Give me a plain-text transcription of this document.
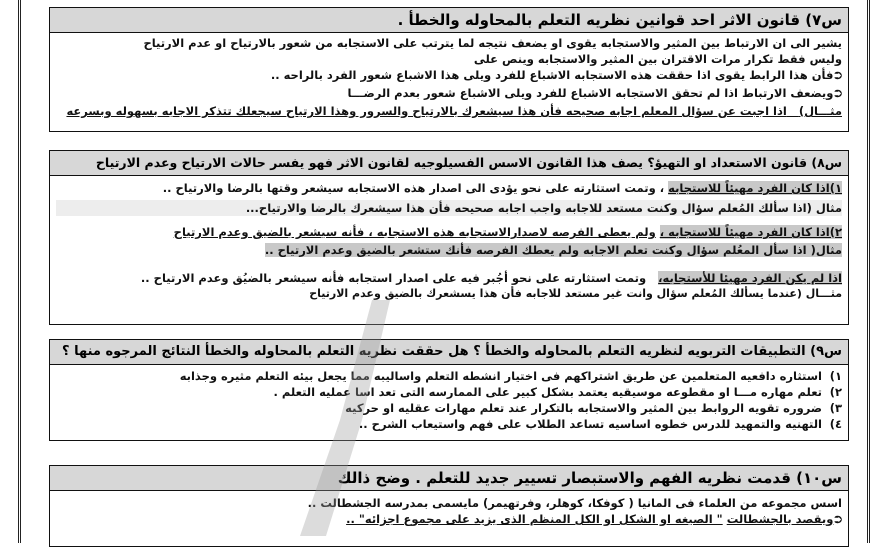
س٧) قانون الاثر احد قوانين نظريه التعلم بالمحاوله والخطأ .
يشير الى ان الارتباط بين المثير والاستجابه يقوى او يضعف نتيجه لما يترتب على الاستجابه من شعور بالارتياح او عدم الارتياح
وليس فقط تكرار مرات الاقتران بين المثير والاستجابه وينص على
⮊فأن هذا الرابط يقوى اذا حققت هذه الاستجابه الاشباع للفرد ويلى هذا الاشباع شعور الفرد بالراحه ..
⮊ويضعف الارتباط اذا لم تحقق الاستجابه الاشباع للفرد ويلى الاشباع شعور بعدم الرضـــا
مثـــال)   اذا اجبت عن سؤال المعلم اجابه صحيحه فأن هذا سيشعرك بالارتياح والسرور وهذا الارتياح سيجعلك تتذكر الاجابه بسهوله وبسرعه
س٨) قانون الاستعداد او التهيؤ؟ يصف هذا القانون الاسس الفسيلوجيه لقانون الاثر فهو يفسر حالات الارتياح وعدم الارتياح
١)اذا كان الفرد مهيئاً للاستجابه ، وتمت استثارته على نحو يؤدى الى اصدار هذه الاستجابه سيشعر وقتها بالرضا والارتياح ..
مثال (اذا سألك المُعلم سؤال وكنت مستعد للاجابه واجب اجابه صحيحه فأن هذا سيشعرك بالرضا والارتياح...
٢)اذا كان الفرد مهيئاً للاستجابه ، ولم يعطى الفرصه لاصدارالاستجابه هذه الاستجابه ، فأنه سيشعر بالضيق وعدم الارتياح
مثال( اذا سأل المعُلم سؤال وكنت تعلم الاجابه ولم يعطك الفرصه فأنك ستشعر بالضيق وعدم الارتياح ..
اذا لم يكن الفرد مهيئا للأستجابه،   وتمت استثارته على نحو أجُبر فيه على اصدار استجابه فأنه سيشعر بالضيُق وعدم الارتياح ..
مثـــال (عندما يسألك المُعلم سؤال وانت غير مستعد للاجابه فأن هذا يسشعرك بالضيق وعدم الارتياح
س٩) التطبيقات التربويه لنظريه التعلم بالمحاوله والخطأ ؟ هل حققت نظريه التعلم بالمحاوله والخطأ النتائج المرجوه منها ؟
١)استثاره دافعيه المتعلمين عن طريق اشتراكهم فى اختيار انشطه التعلم واساليبه مما يجعل بيئه التعلم مثيره وجذابه
٢)تعلم مهاره مـــا او مقطوعه موسيقيه يعتمد بشكل كبير على الممارسه التى تعد اسا عمليه التعلم .
٣)ضروره تقويه الروابط بين المثير والاستجابه بالتكرار عند تعلم مهارات عقليه او حركيه
٤)التهنيه والتمهيد للدرس خطوه اساسيه تساعد الطلاب على فهم واستيعاب الشرح ..
س١٠) قدمت نظريه الفهم والاستبصار تسيير جديد للتعلم . وضح ذالك
اسس مجموعه من العلماء فى المانيا ( كوفكا، كوهلر، وفرتهيمر) مايسمى بمدرسه الجشطالت ..
⮊ويقصد بالجشطالت " الصيغه او الشكل او الكل المنظم الذى يزيد على مجموع اجزائه" ..
